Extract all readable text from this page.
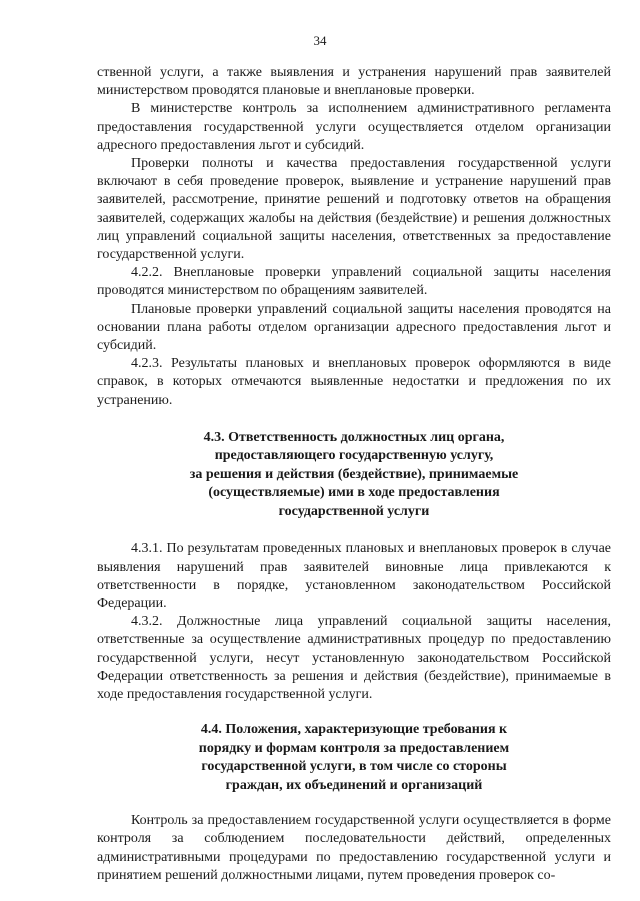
34

ственной услуги, а также выявления и устранения нарушений прав заявителей министерством проводятся плановые и внеплановые проверки.

В министерстве контроль за исполнением административного регламента предоставления государственной услуги осуществляется отделом организации адресного предоставления льгот и субсидий.

Проверки полноты и качества предоставления государственной услуги включают в себя проведение проверок, выявление и устранение нарушений прав заявителей, рассмотрение, принятие решений и подготовку ответов на обращения заявителей, содержащих жалобы на действия (бездействие) и решения должностных лиц управлений социальной защиты населения, ответственных за предоставление государственной услуги.

4.2.2. Внеплановые проверки управлений социальной защиты населения проводятся министерством по обращениям заявителей.

Плановые проверки управлений социальной защиты населения проводятся на основании плана работы отделом организации адресного предоставления льгот и субсидий.

4.2.3. Результаты плановых и внеплановых проверок оформляются в виде справок, в которых отмечаются выявленные недостатки и предложения по их устранению.

4.3. Ответственность должностных лиц органа,
предоставляющего государственную услугу,
за решения и действия (бездействие), принимаемые
(осуществляемые) ими в ходе предоставления
государственной услуги

4.3.1. По результатам проведенных плановых и внеплановых проверок в случае выявления нарушений прав заявителей виновные лица привлекаются к ответственности в порядке, установленном законодательством Российской Федерации.

4.3.2. Должностные лица управлений социальной защиты населения, ответственные за осуществление административных процедур по предоставлению государственной услуги, несут установленную законодательством Российской Федерации ответственность за решения и действия (бездействие), принимаемые в ходе предоставления государственной услуги.

4.4. Положения, характеризующие требования к
порядку и формам контроля за предоставлением
государственной услуги, в том числе со стороны
граждан, их объединений и организаций

Контроль за предоставлением государственной услуги осуществляется в форме контроля за соблюдением последовательности действий, определенных административными процедурами по предоставлению государственной услуги и принятием решений должностными лицами, путем проведения проверок со-
